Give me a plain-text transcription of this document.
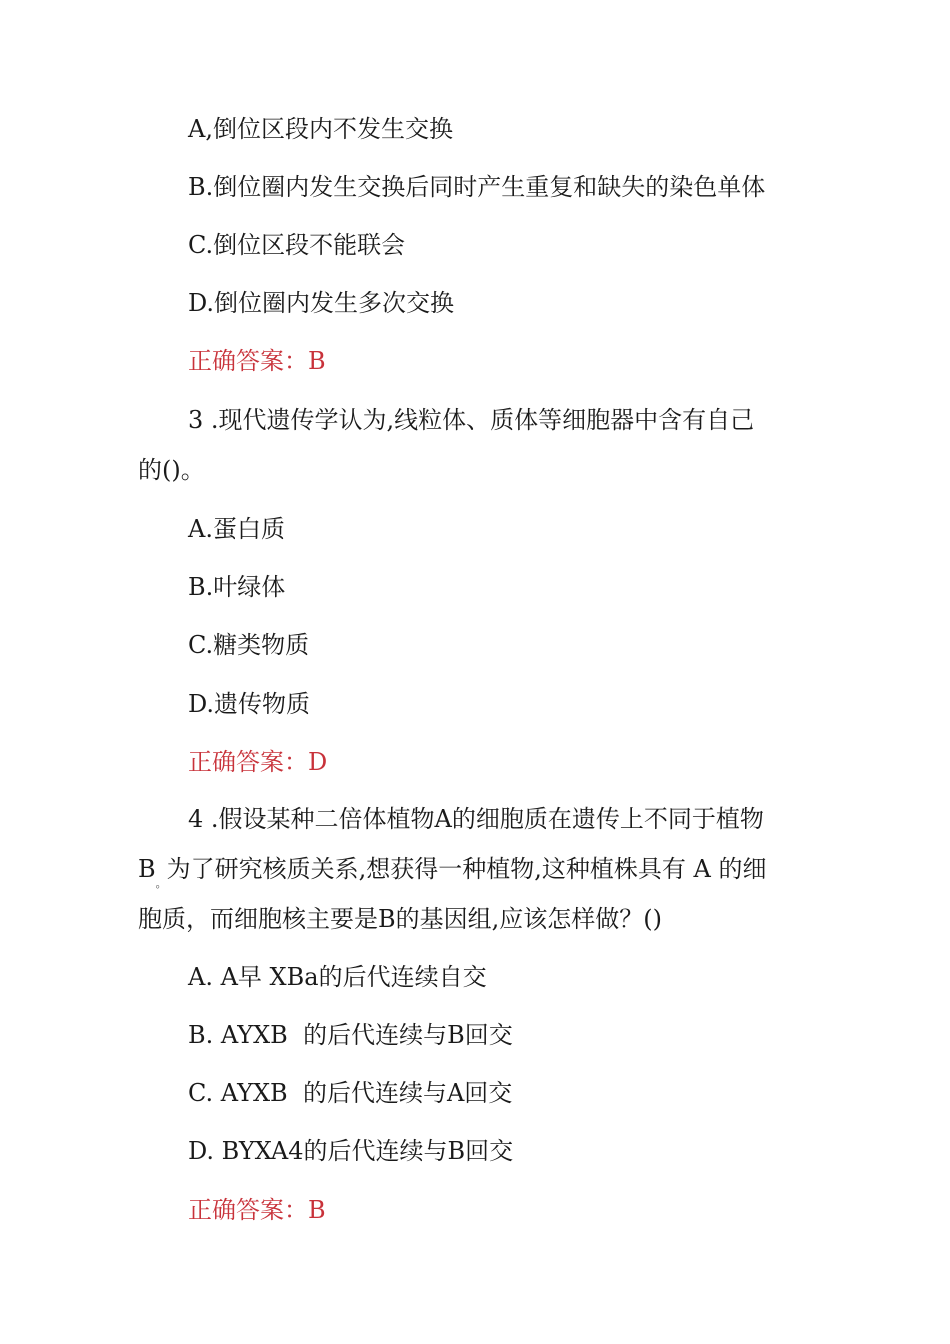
A,倒位区段内不发生交换
B.倒位圈内发生交换后同时产生重复和缺失的染色单体
C.倒位区段不能联会
D.倒位圈内发生多次交换
正确答案：B
3 .现代遗传学认为,线粒体、质体等细胞器中含有自己
的()。
A.蛋白质
B.叶绿体
C.糖类物质
D.遗传物质
正确答案：D
4 .假设某种二倍体植物A的细胞质在遗传上不同于植物
$B_。$为了研究核质关系,想获得一种植物,这种植株具有 A 的细
胞质，而细胞核主要是B的基因组,应该怎样做？()
A. A早 XBa的后代连续自交
B. AYXB  的后代连续与B回交
C. AYXB  的后代连续与A回交
D. BYXA4的后代连续与B回交
正确答案：B
